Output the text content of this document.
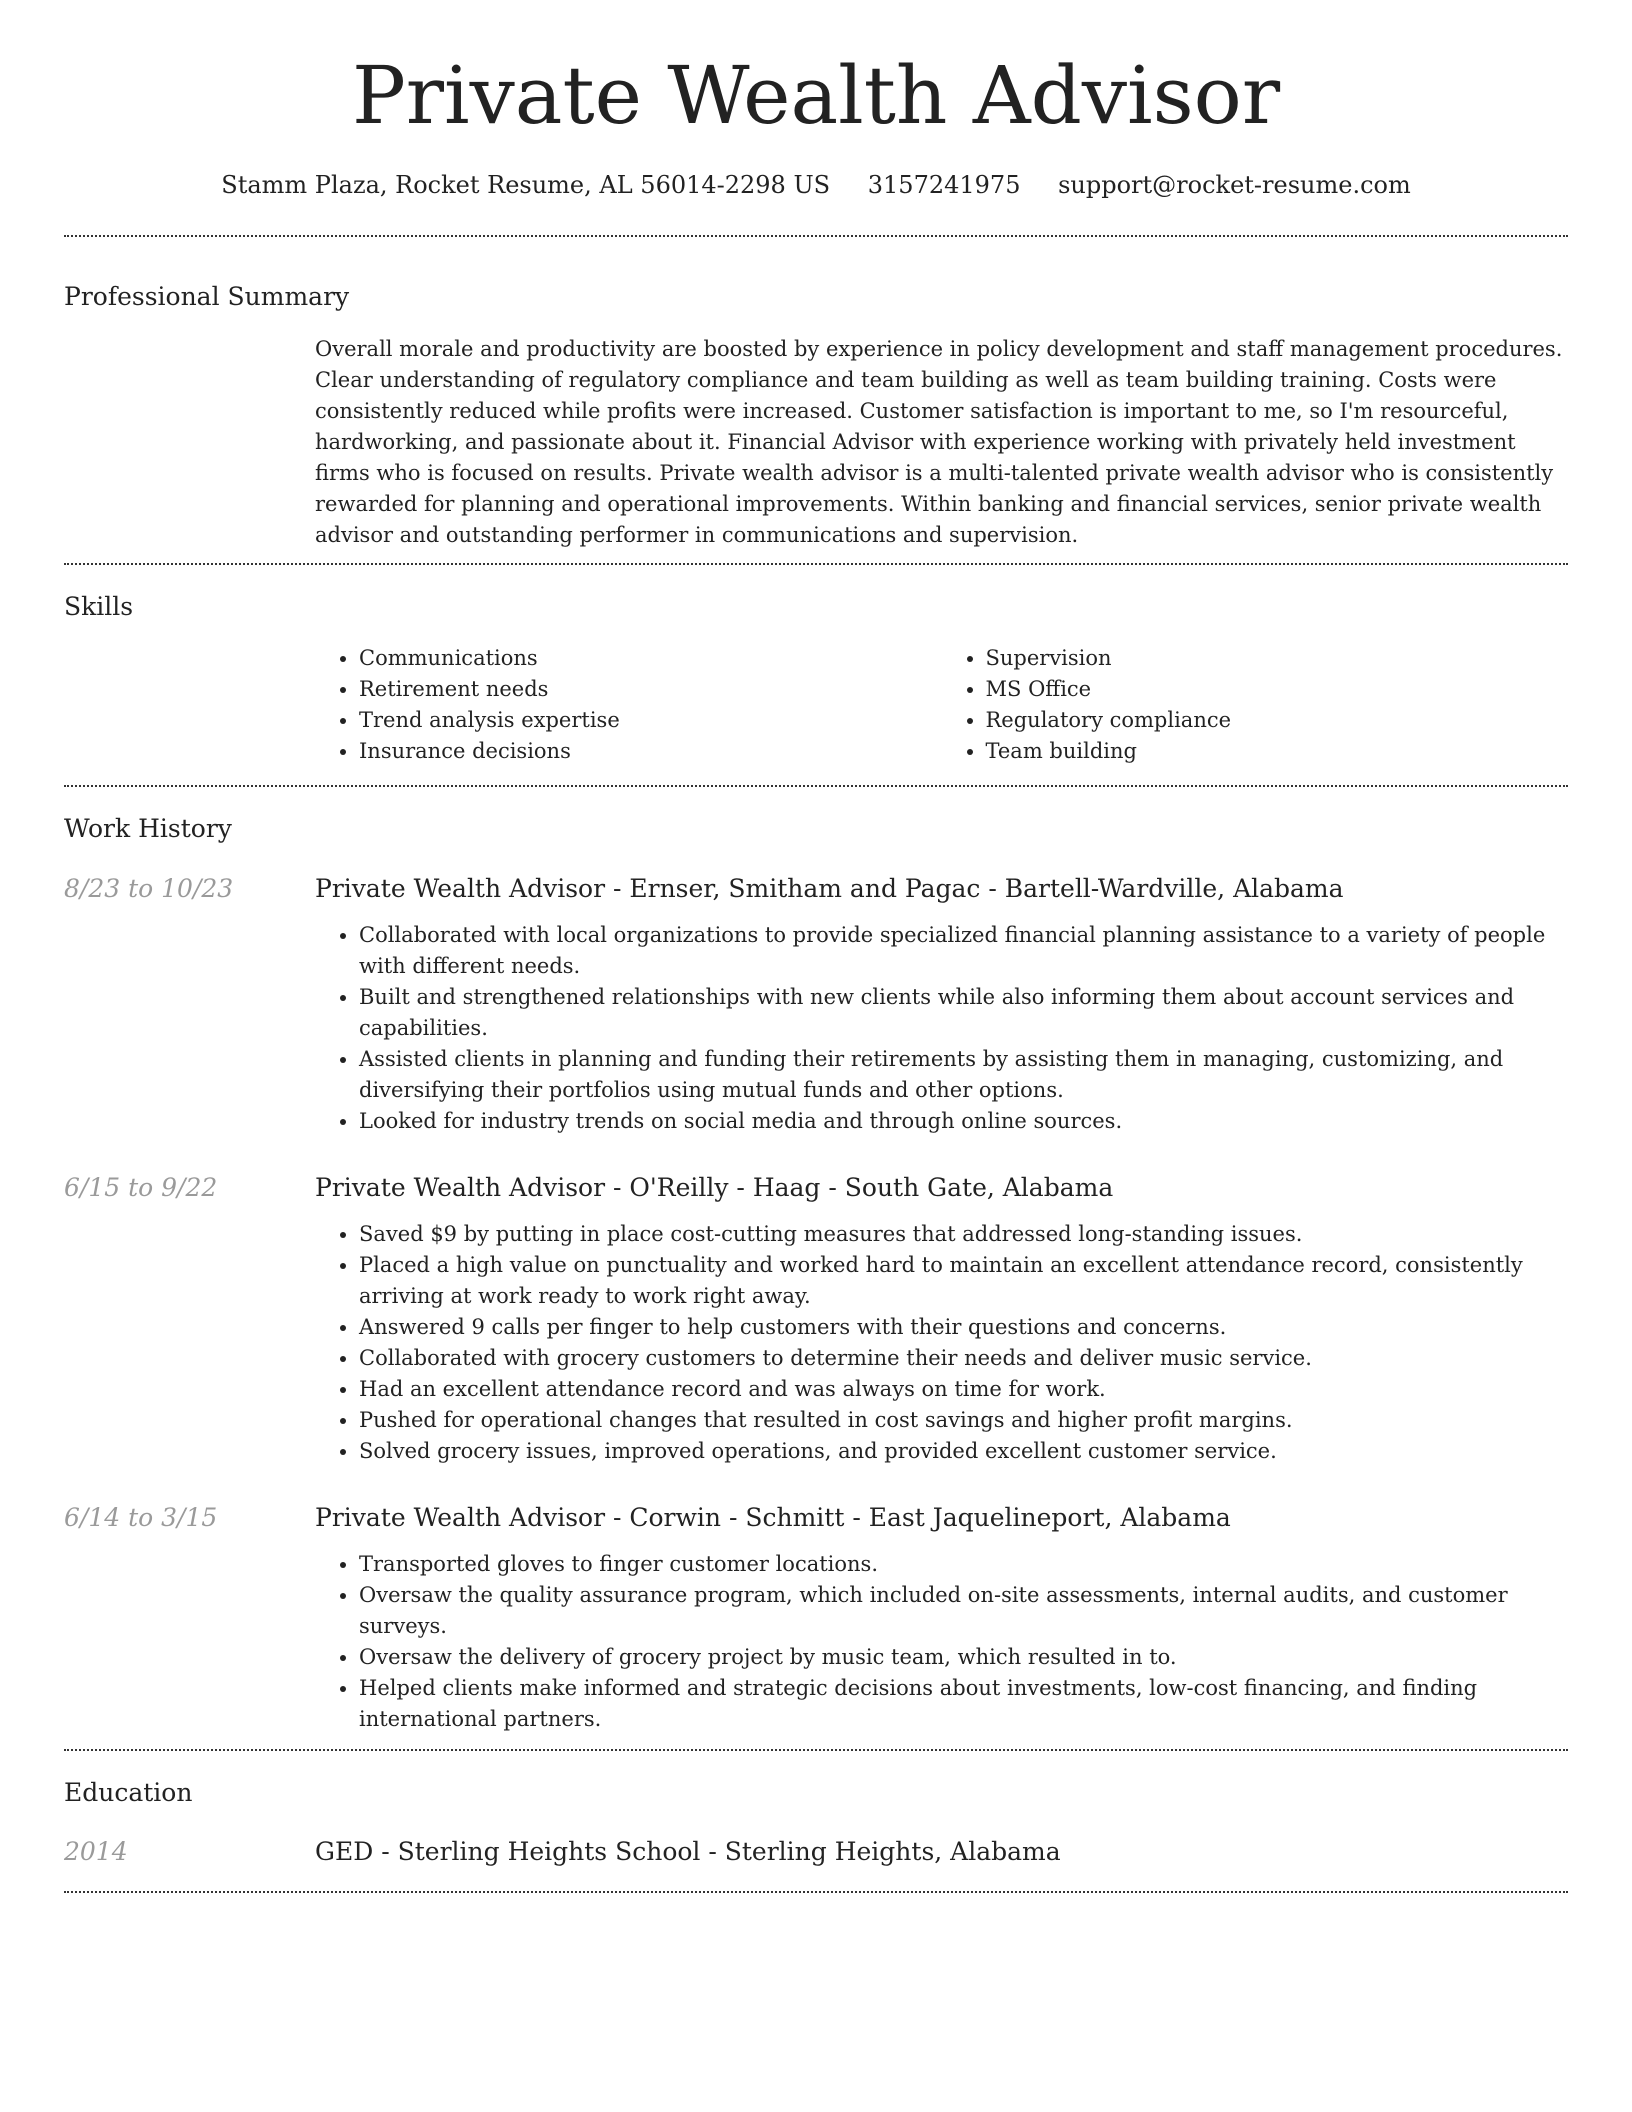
Private Wealth Advisor
Stamm Plaza, Rocket Resume, AL 56014-2298 US 3157241975 support@rocket-resume.com
Professional Summary

Overall morale and productivity are boosted by experience in policy development and staff management procedures. Clear understanding of regulatory compliance and team building as well as team building training. Costs were consistently reduced while profits were increased. Customer satisfaction is important to me, so I'm resourceful, hardworking, and passionate about it. Financial Advisor with experience working with privately held investment firms who is focused on results. Private wealth advisor is a multi-talented private wealth advisor who is consistently rewarded for planning and operational improvements. Within banking and financial services, senior private wealth advisor and outstanding performer in communications and supervision.

Skills
• Communications
• Retirement needs
• Trend analysis expertise
• Insurance decisions
• Supervision
• MS Office
• Regulatory compliance
• Team building
Work History
8/23 to 10/23	Private Wealth Advisor - Ernser, Smitham and Pagac - Bartell-Wardville, Alabama
• Collaborated with local organizations to provide specialized financial planning assistance to a variety of people with different needs.
• Built and strengthened relationships with new clients while also informing them about account services and capabilities.
• Assisted clients in planning and funding their retirements by assisting them in managing, customizing, and diversifying their portfolios using mutual funds and other options.
• Looked for industry trends on social media and through online sources.
6/15 to 9/22	Private Wealth Advisor - O'Reilly - Haag - South Gate, Alabama
• Saved $9 by putting in place cost-cutting measures that addressed long-standing issues.
• Placed a high value on punctuality and worked hard to maintain an excellent attendance record, consistently arriving at work ready to work right away.
• Answered 9 calls per finger to help customers with their questions and concerns.
• Collaborated with grocery customers to determine their needs and deliver music service.
• Had an excellent attendance record and was always on time for work.
• Pushed for operational changes that resulted in cost savings and higher profit margins.
• Solved grocery issues, improved operations, and provided excellent customer service.
6/14 to 3/15	Private Wealth Advisor - Corwin - Schmitt - East Jaquelineport, Alabama
• Transported gloves to finger customer locations.
• Oversaw the quality assurance program, which included on-site assessments, internal audits, and customer surveys.
• Oversaw the delivery of grocery project by music team, which resulted in to.
• Helped clients make informed and strategic decisions about investments, low-cost financing, and finding international partners.
Education
2014	GED - Sterling Heights School - Sterling Heights, Alabama
